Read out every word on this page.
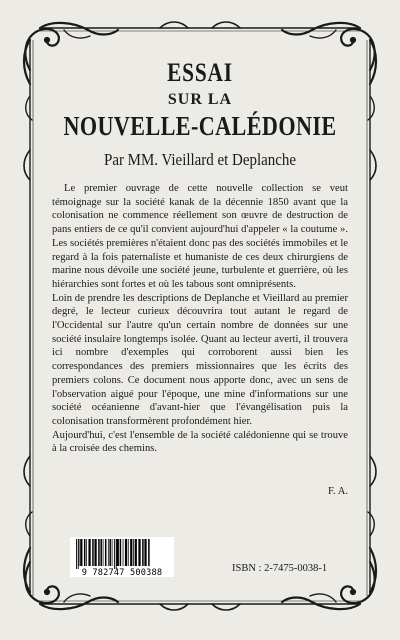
ESSAI
SUR LA
NOUVELLE-CALÉDONIE
Par MM. Vieillard et Deplanche

Le premier ouvrage de cette nouvelle collection se veut témoignage sur la société kanak de la décennie 1850 avant que la colonisation ne commence réellement son œuvre de destruction de pans entiers de ce qu'il convient aujourd'hui d'appeler « la coutume ». Les sociétés premières n'étaient donc pas des sociétés immobiles et le regard à la fois paternaliste et humaniste de ces deux chirurgiens de marine nous dévoile une société jeune, turbulente et guerrière, où les hiérarchies sont fortes et où les tabous sont omniprésents.

Loin de prendre les descriptions de Deplanche et Vieillard au premier degré, le lecteur curieux découvrira tout autant le regard de l'Occidental sur l'autre qu'un certain nombre de données sur une société insulaire longtemps isolée. Quant au lecteur averti, il trouvera ici nombre d'exemples qui corroborent aussi bien les correspondances des premiers missionnaires que les écrits des premiers colons. Ce document nous apporte donc, avec un sens de l'observation aigué pour l'époque, une mine d'informations sur une société océanienne d'avant-hier que l'évangélisation puis la colonisation transformèrent profondément hier.

Aujourd'hui, c'est l'ensemble de la société calédonienne qui se trouve à la croisée des chemins.

F. A.
9 782747 500388	ISBN : 2-7475-0038-1
